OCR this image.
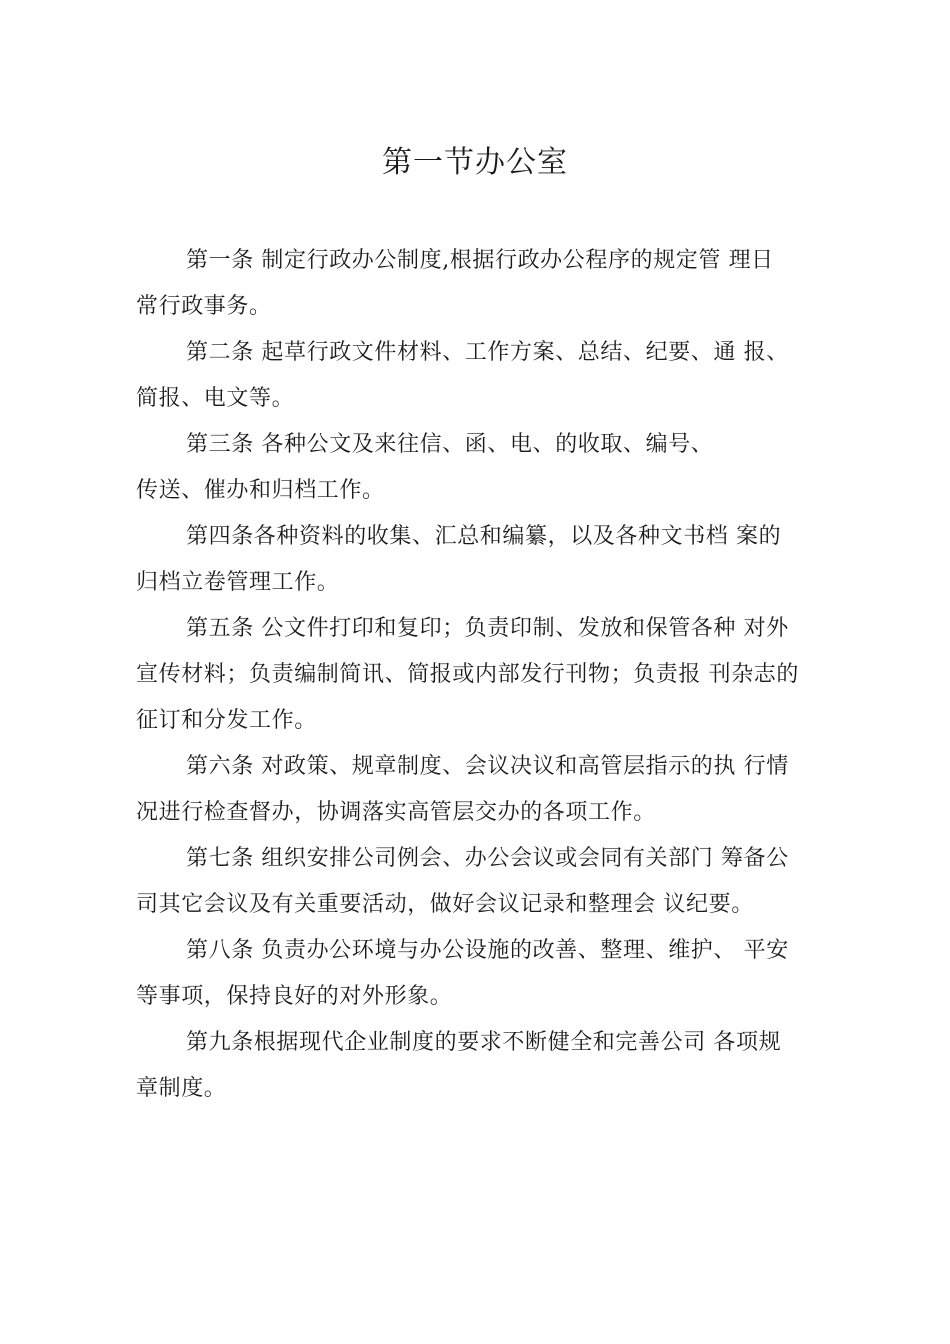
第一节办公室

第一条 制定行政办公制度,根据行政办公程序的规定管 理日
常行政事务。

第二条 起草行政文件材料、工作方案、总结、纪要、通 报、
简报、电文等。

第三条 各种公文及来往信、函、电、的收取、编号、
传送、催办和归档工作。

第四条各种资料的收集、汇总和编纂，以及各种文书档 案的
归档立卷管理工作。

第五条 公文件打印和复印；负责印制、发放和保管各种 对外
宣传材料；负责编制简讯、简报或内部发行刊物；负责报 刊杂志的
征订和分发工作。

第六条 对政策、规章制度、会议决议和高管层指示的执 行情
况进行检查督办，协调落实高管层交办的各项工作。

第七条 组织安排公司例会、办公会议或会同有关部门 筹备公
司其它会议及有关重要活动，做好会议记录和整理会 议纪要。

第八条 负责办公环境与办公设施的改善、整理、维护、 平安
等事项，保持良好的对外形象。

第九条根据现代企业制度的要求不断健全和完善公司 各项规
章制度。
